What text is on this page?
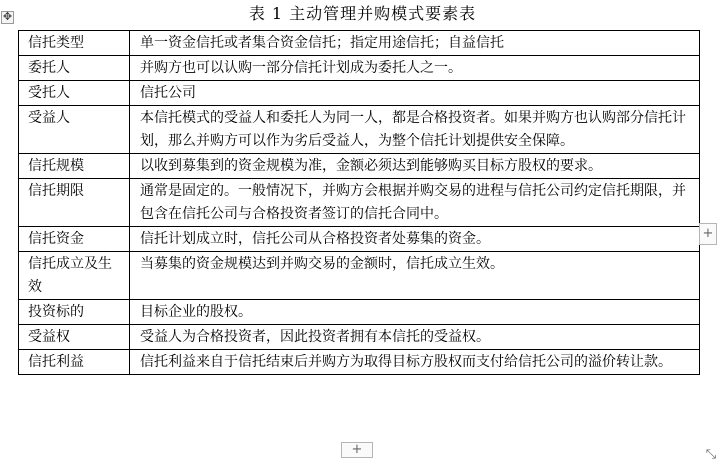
表 1 主动管理并购模式要素表
✥
信托类型	单一资金信托或者集合资金信托；指定用途信托；自益信托
委托人	并购方也可以认购一部分信托计划成为委托人之一。
受托人	信托公司
受益人	本信托模式的受益人和委托人为同一人，都是合格投资者。如果并购方也认购部分信托计划，那么并购方可以作为劣后受益人，为整个信托计划提供安全保障。
信托规模	以收到募集到的资金规模为准，金额必须达到能够购买目标方股权的要求。
信托期限	通常是固定的。一般情况下，并购方会根据并购交易的进程与信托公司约定信托期限，并包含在信托公司与合格投资者签订的信托合同中。
信托资金	信托计划成立时，信托公司从合格投资者处募集的资金。
信托成立及生效	当募集的资金规模达到并购交易的金额时，信托成立生效。
投资标的	目标企业的股权。
受益权	受益人为合格投资者，因此投资者拥有本信托的受益权。
信托利益	信托利益来自于信托结束后并购方为取得目标方股权而支付给信托公司的溢价转让款。
+
+	⤡
